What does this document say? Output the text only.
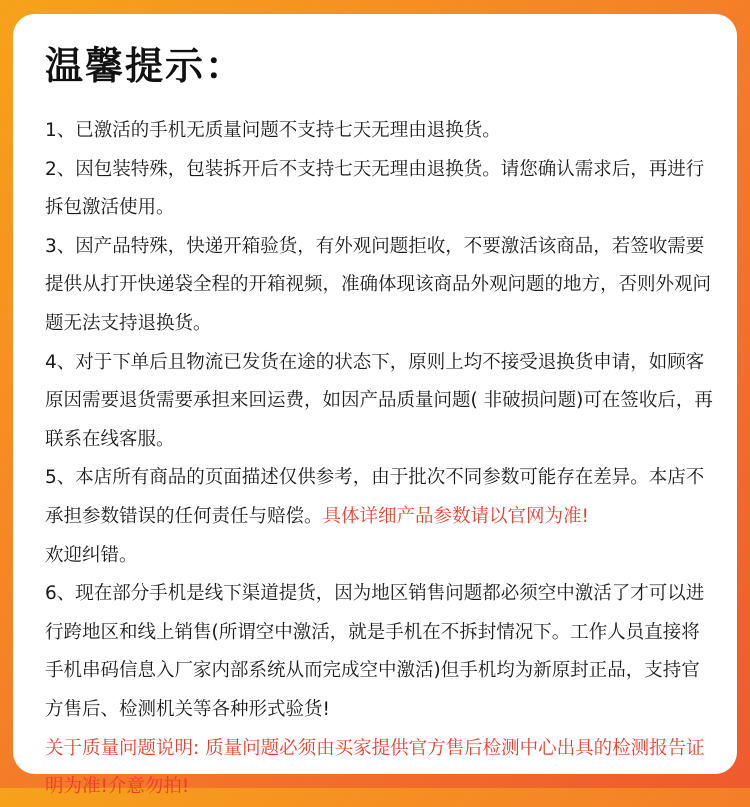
温馨提示：

1、已激活的手机无质量问题不支持七天无理由退换货。

2、因包装特殊，包装拆开后不支持七天无理由退换货。请您确认需求后，再进行拆包激活使用。

3、因产品特殊，快递开箱验货，有外观问题拒收，不要激活该商品，若签收需要提供从打开快递袋全程的开箱视频，准确体现该商品外观问题的地方，否则外观问题无法支持退换货。

4、对于下单后且物流已发货在途的状态下，原则上均不接受退换货申请，如顾客原因需要退货需要承担来回运费，如因产品质量问题( 非破损问题)可在签收后，再联系在线客服。

5、本店所有商品的页面描述仅供参考，由于批次不同参数可能存在差异。本店不承担参数错误的任何责任与赔偿。具体详细产品参数请以官网为准!
欢迎纠错。

6、现在部分手机是线下渠道提货，因为地区销售问题都必须空中激活了才可以进行跨地区和线上销售(所谓空中激活，就是手机在不拆封情况下。工作人员直接将手机串码信息入厂家内部系统从而完成空中激活)但手机均为新原封正品，支持官方售后、检测机关等各种形式验货!

关于质量问题说明: 质量问题必须由买家提供官方售后检测中心出具的检测报告证明为准!介意勿拍!
